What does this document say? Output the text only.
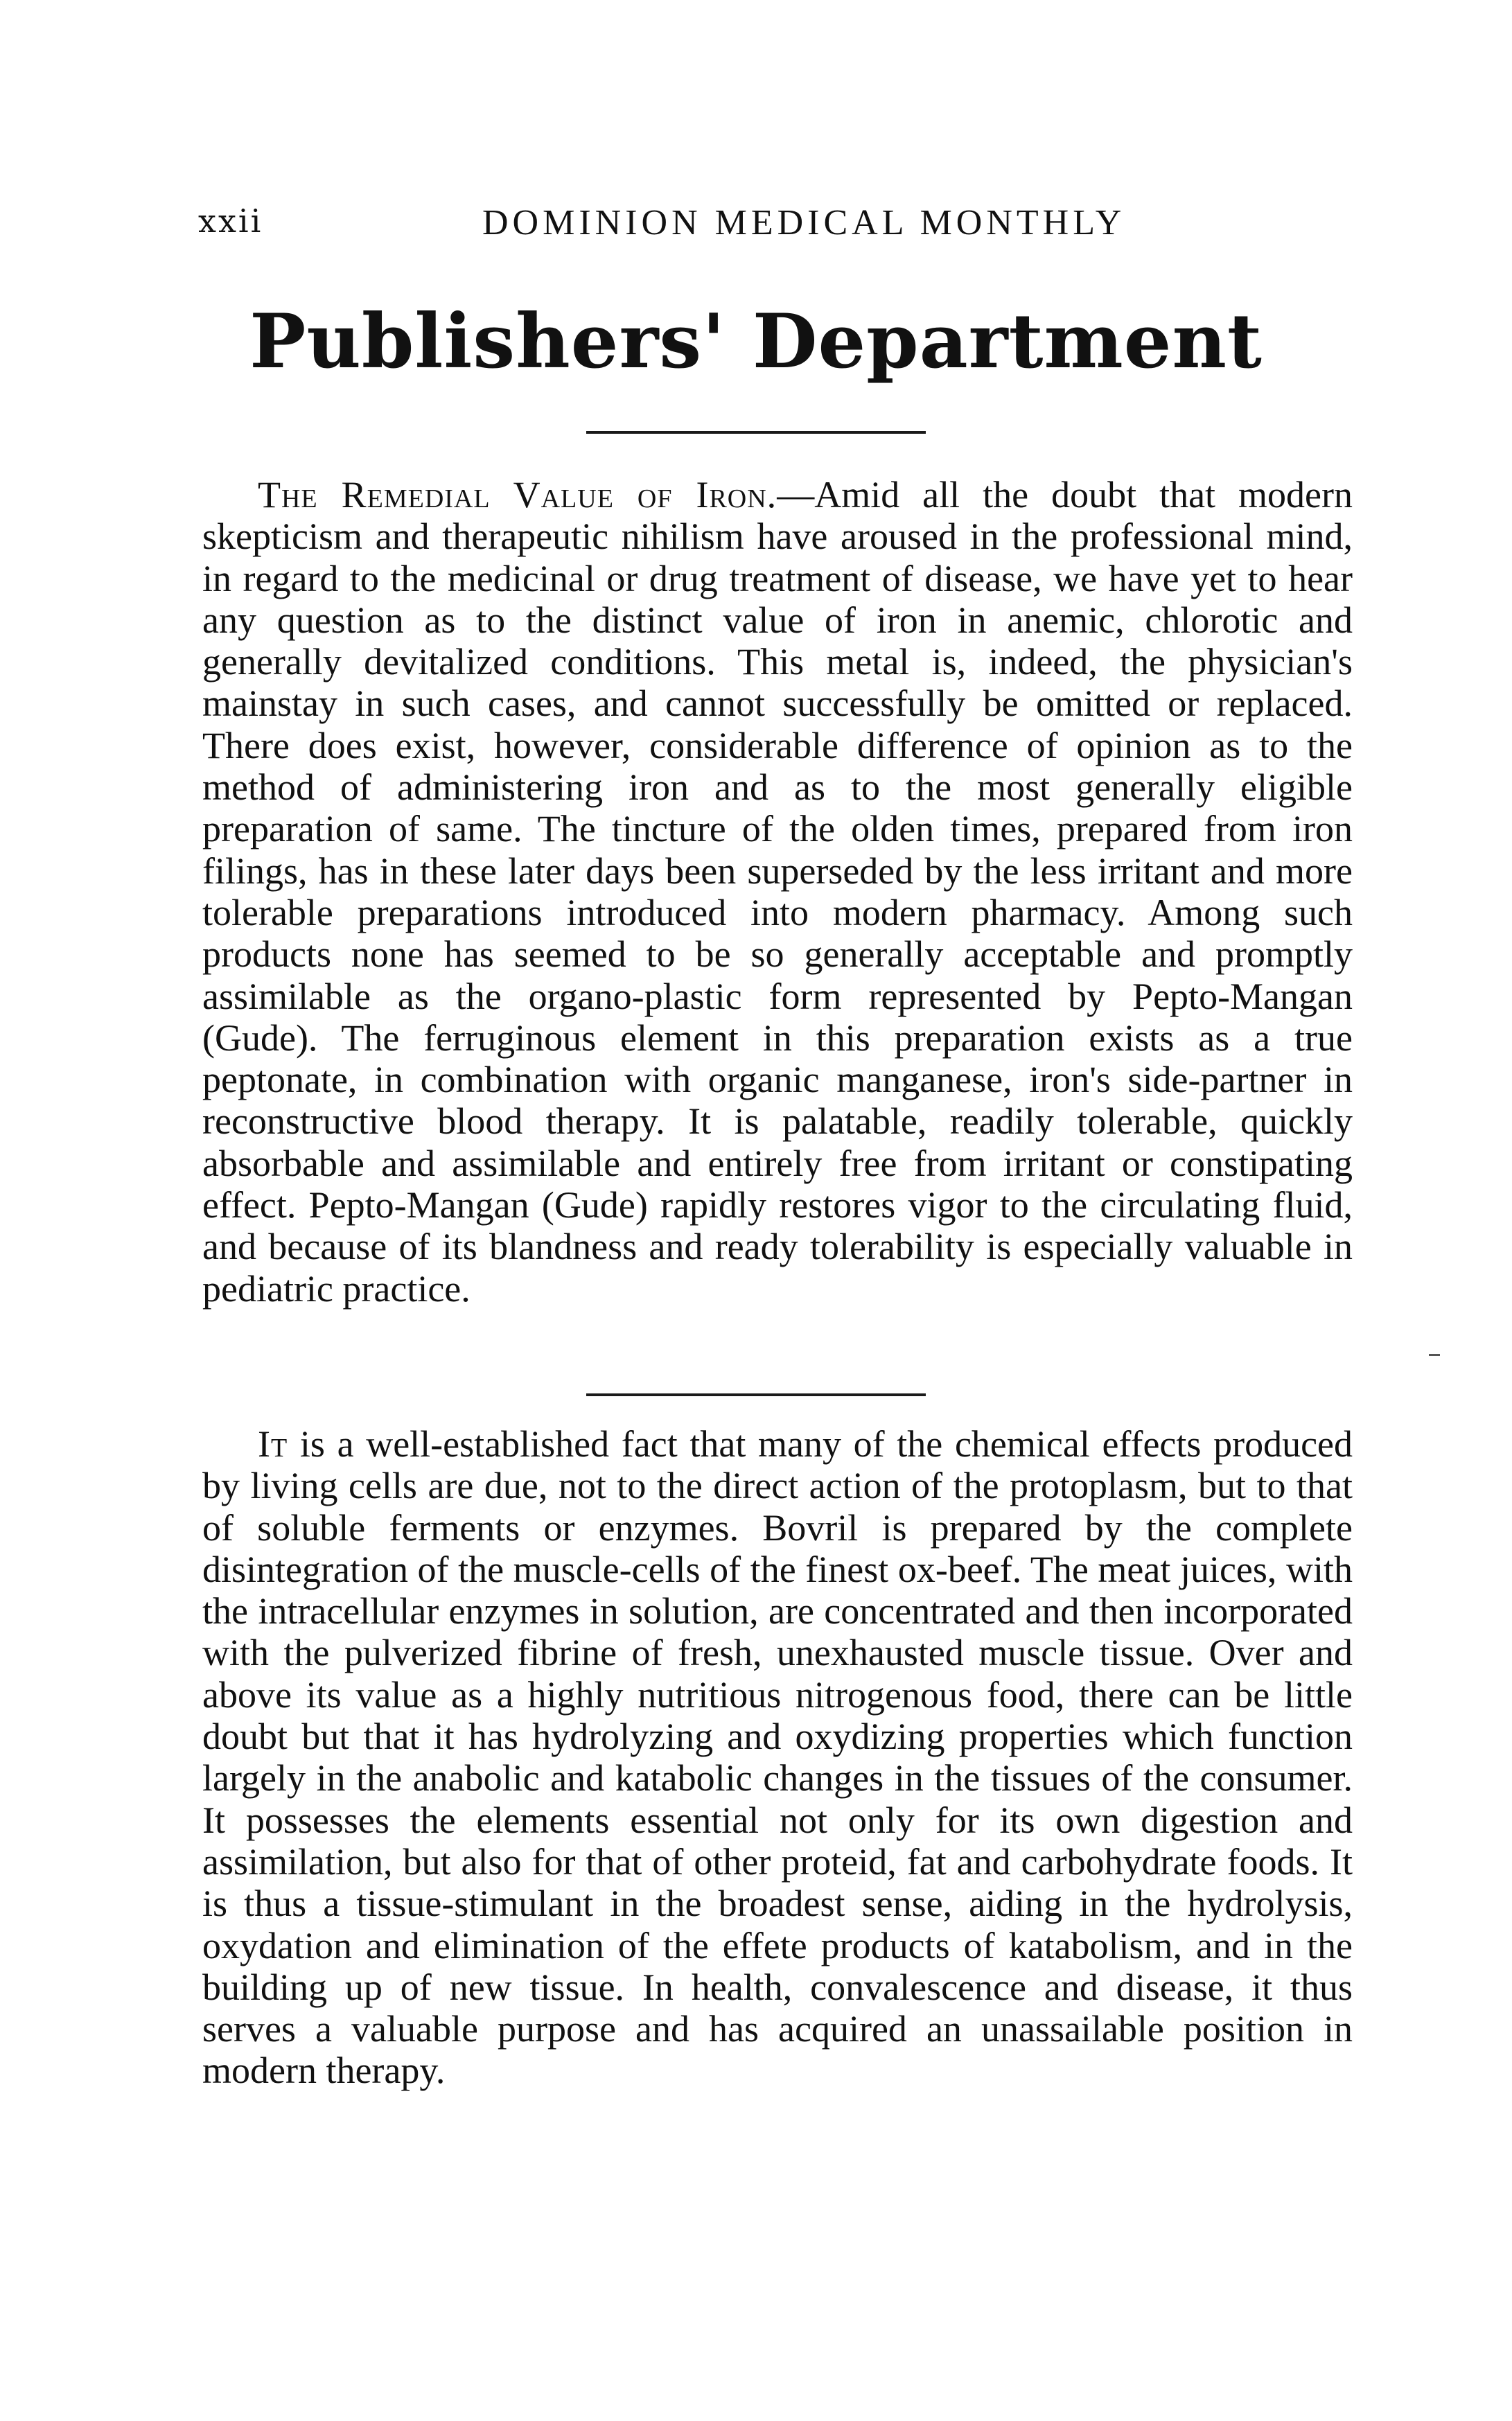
xxii	DOMINION MEDICAL MONTHLY
Publishers' Department

The Remedial Value of Iron.—Amid all the doubt that modern skepticism and therapeutic nihilism have aroused in the professional mind, in regard to the medicinal or drug treatment of disease, we have yet to hear any question as to the distinct value of iron in anemic, chlorotic and generally devitalized conditions. This metal is, indeed, the physician's mainstay in such cases, and cannot successfully be omitted or replaced. There does exist, however, considerable difference of opinion as to the method of administering iron and as to the most generally eligible preparation of same. The tincture of the olden times, prepared from iron filings, has in these later days been superseded by the less irritant and more tolerable preparations introduced into modern pharmacy. Among such products none has seemed to be so generally acceptable and promptly assimilable as the organo-plastic form represented by Pepto-Mangan (Gude). The ferruginous element in this preparation exists as a true peptonate, in combination with organic manganese, iron's side-partner in reconstructive blood therapy. It is palatable, readily tolerable, quickly absorbable and assimilable and entirely free from irritant or constipating effect. Pepto-Mangan (Gude) rapidly restores vigor to the circulating fluid, and because of its blandness and ready tolerability is especially valuable in pediatric practice.

It is a well-established fact that many of the chemical effects produced by living cells are due, not to the direct action of the protoplasm, but to that of soluble ferments or enzymes. Bovril is prepared by the complete disintegration of the muscle-cells of the finest ox-beef. The meat juices, with the intracellular enzymes in solution, are concentrated and then incorporated with the pulverized fibrine of fresh, unexhausted muscle tissue. Over and above its value as a highly nutritious nitrogenous food, there can be little doubt but that it has hydrolyzing and oxydizing properties which function largely in the anabolic and katabolic changes in the tissues of the consumer. It possesses the elements essential not only for its own digestion and assimilation, but also for that of other proteid, fat and carbohydrate foods. It is thus a tissue-stimulant in the broadest sense, aiding in the hydrolysis, oxydation and elimination of the effete products of katabolism, and in the building up of new tissue. In health, convalescence and disease, it thus serves a valuable purpose and has acquired an unassailable position in modern therapy.
